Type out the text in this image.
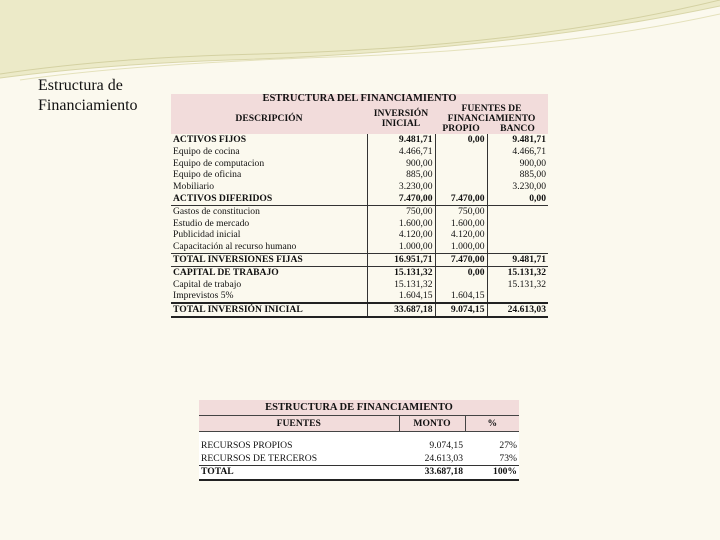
Estructura de Financiamiento	ESTRUCTURA DEL FINANCIAMIENTO			
DESCRIPCIÓN	INVERSIÓN INICIAL	FUENTES DE FINANCIAMIENTO	
		PROPIO	BANCO
ACTIVOS FIJOS	9.481,71	0,00	9.481,71
Equipo de cocina	4.466,71		4.466,71
Equipo de computacion	900,00		900,00
Equipo de oficina	885,00		885,00
Mobiliario	3.230,00		3.230,00
ACTIVOS DIFERIDOS	7.470,00	7.470,00	0,00
Gastos de constitucion	750,00	750,00	
Estudio de mercado	1.600,00	1.600,00	
Publicidad inicial	4.120,00	4.120,00	
Capacitación al recurso humano	1.000,00	1.000,00	
TOTAL INVERSIONES FIJAS	16.951,71	7.470,00	9.481,71
CAPITAL DE TRABAJO	15.131,32	0,00	15.131,32
Capital de trabajo	15.131,32		15.131,32
Imprevistos 5%	1.604,15	1.604,15	
TOTAL INVERSIÓN INICIAL	33.687,18	9.074,15	24.613,03
ESTRUCTURA DE FINANCIAMIENTO		
FUENTES	MONTO	%

RECURSOS PROPIOS	9.074,15	27%
RECURSOS DE TERCEROS	24.613,03	73%
TOTAL	33.687,18	100%
